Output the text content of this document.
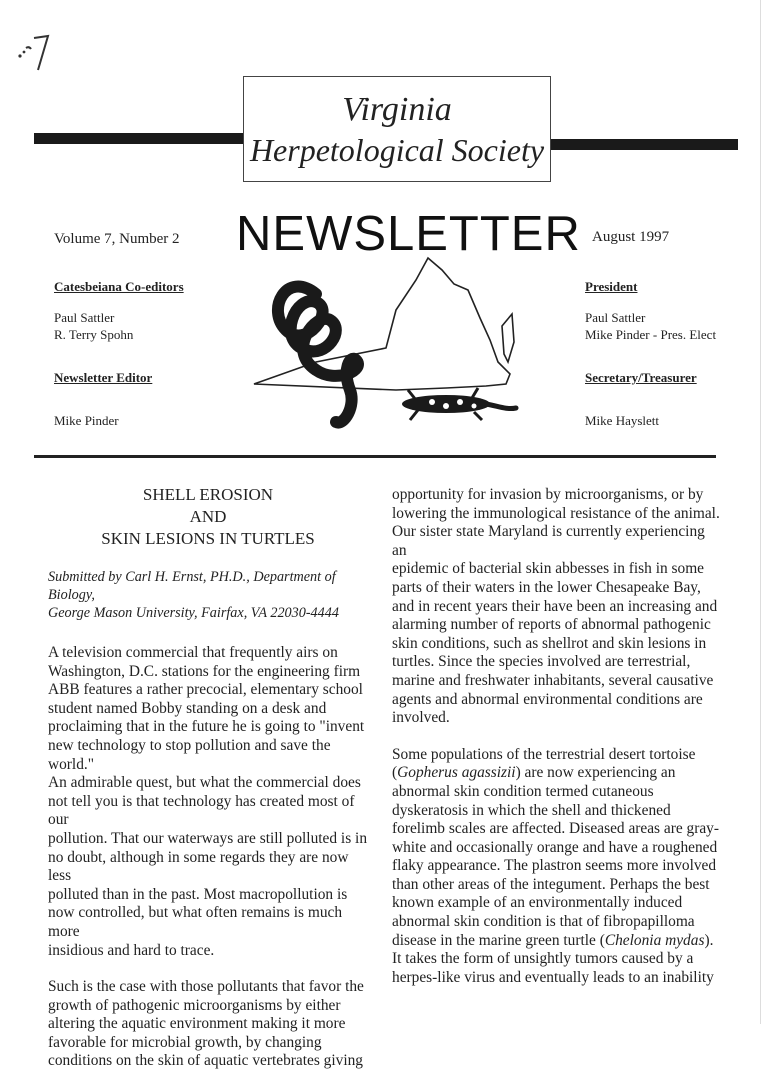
Virginia
Herpetological Society
Volume 7, Number 2 NEWSLETTER August 1997
Catesbeiana Co-editors
Paul Sattler
R. Terry Spohn
Newsletter Editor
Mike Pinder
President
Paul Sattler
Mike Pinder - Pres. Elect
Secretary/Treasurer
Mike Hayslett
SHELL EROSION
AND
SKIN LESIONS IN TURTLES
Submitted by Carl H. Ernst, PH.D., Department of Biology,
George Mason University, Fairfax, VA 22030-4444

A television commercial that frequently airs on
Washington, D.C. stations for the engineering firm
ABB features a rather precocial, elementary school
student named Bobby standing on a desk and
proclaiming that in the future he is going to "invent
new technology to stop pollution and save the world."
An admirable quest, but what the commercial does
not tell you is that technology has created most of our
pollution. That our waterways are still polluted is in
no doubt, although in some regards they are now less
polluted than in the past. Most macropollution is
now controlled, but what often remains is much more
insidious and hard to trace.

Such is the case with those pollutants that favor the
growth of pathogenic microorganisms by either
altering the aquatic environment making it more
favorable for microbial growth, by changing
conditions on the skin of aquatic vertebrates giving

opportunity for invasion by microorganisms, or by
lowering the immunological resistance of the animal.
Our sister state Maryland is currently experiencing an
epidemic of bacterial skin abbesses in fish in some
parts of their waters in the lower Chesapeake Bay,
and in recent years their have been an increasing and
alarming number of reports of abnormal pathogenic
skin conditions, such as shellrot and skin lesions in
turtles. Since the species involved are terrestrial,
marine and freshwater inhabitants, several causative
agents and abnormal environmental conditions are
involved.

Some populations of the terrestrial desert tortoise
(Gopherus agassizii) are now experiencing an
abnormal skin condition termed cutaneous
dyskeratosis in which the shell and thickened
forelimb scales are affected. Diseased areas are gray-
white and occasionally orange and have a roughened
flaky appearance. The plastron seems more involved
than other areas of the integument. Perhaps the best
known example of an environmentally induced
abnormal skin condition is that of fibropapilloma
disease in the marine green turtle (Chelonia mydas).
It takes the form of unsightly tumors caused by a
herpes-like virus and eventually leads to an inability
